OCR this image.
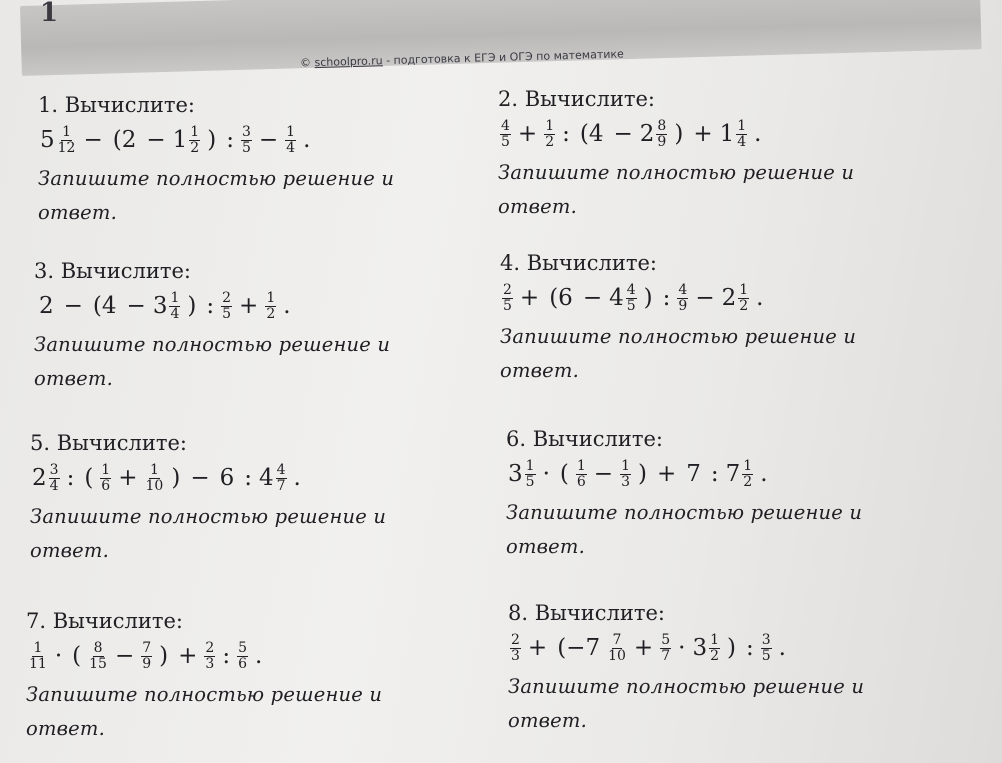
1
© schoolpro.ru - подготовка к ЕГЭ и ОГЭ по математике
1. Вычислите:
$5 \frac{1}{12} - (2 - 1 \frac{1}{2}$ ) : $\frac{3}{5} - \frac{1}{4}$ .
Запишите полностью решение и ответ.
2. Вычислите:
$\frac{4}{5} + \frac{1}{2}$ : ($4 - 2 \frac{8}{9}$ ) + $1 \frac{1}{4}$ .
Запишите полностью решение и ответ.
3. Вычислите:
$2 - (4 - 3 \frac{1}{4}$ ) : $\frac{2}{5} + \frac{1}{2}$ .
Запишите полностью решение и ответ.
4. Вычислите:
$\frac{2}{5} + (6 - 4 \frac{4}{5}$ ) : $\frac{4}{9} - 2 \frac{1}{2}$ .
Запишите полностью решение и ответ.
5. Вычислите:
$2 \frac{3}{4}$ : ( $\frac{1}{6} + \frac{1}{10}$ ) − 6 : $4 \frac{4}{7}$ .
Запишите полностью решение и ответ.
6. Вычислите:
$3 \frac{1}{5}$ · ( $\frac{1}{6} - \frac{1}{3}$ ) + 7 : $7 \frac{1}{2}$ .
Запишите полностью решение и ответ.
7. Вычислите:
$\frac{1}{11}$ · ( $\frac{8}{15} - \frac{7}{9}$ ) + $\frac{2}{3}$ : $\frac{5}{6}$ .
Запишите полностью решение и ответ.
8. Вычислите:
$\frac{2}{3} + (-7 \frac{7}{10} + \frac{5}{7} \cdot 3 \frac{1}{2}$ ) : $\frac{3}{5}$ .
Запишите полностью решение и ответ.
